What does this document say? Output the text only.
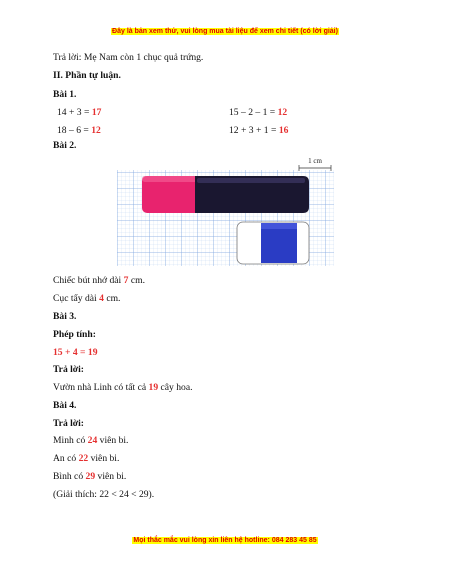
Đây là bản xem thử, vui lòng mua tài liệu để xem chi tiết (có lời giải)
Trả lời: Mẹ Nam còn 1 chục quả trứng.
II. Phần tự luận.
Bài 1.
14 + 3 = 17	15 – 2 – 1 = 12
18 – 6 = 12	12 + 3 + 1 = 16
Bài 2.
1 cm
Chiếc bút nhớ dài 7 cm.
Cục tẩy dài 4 cm.
Bài 3.
Phép tính:
15 + 4 = 19
Trả lời:
Vườn nhà Linh có tất cả 19 cây hoa.
Bài 4.
Trả lời:
Minh có 24 viên bi.
An có 22 viên bi.
Bình có 29 viên bi.
(Giải thích: 22 < 24 < 29).
Mọi thắc mắc vui lòng xin liên hệ hotline: 084 283 45 85
